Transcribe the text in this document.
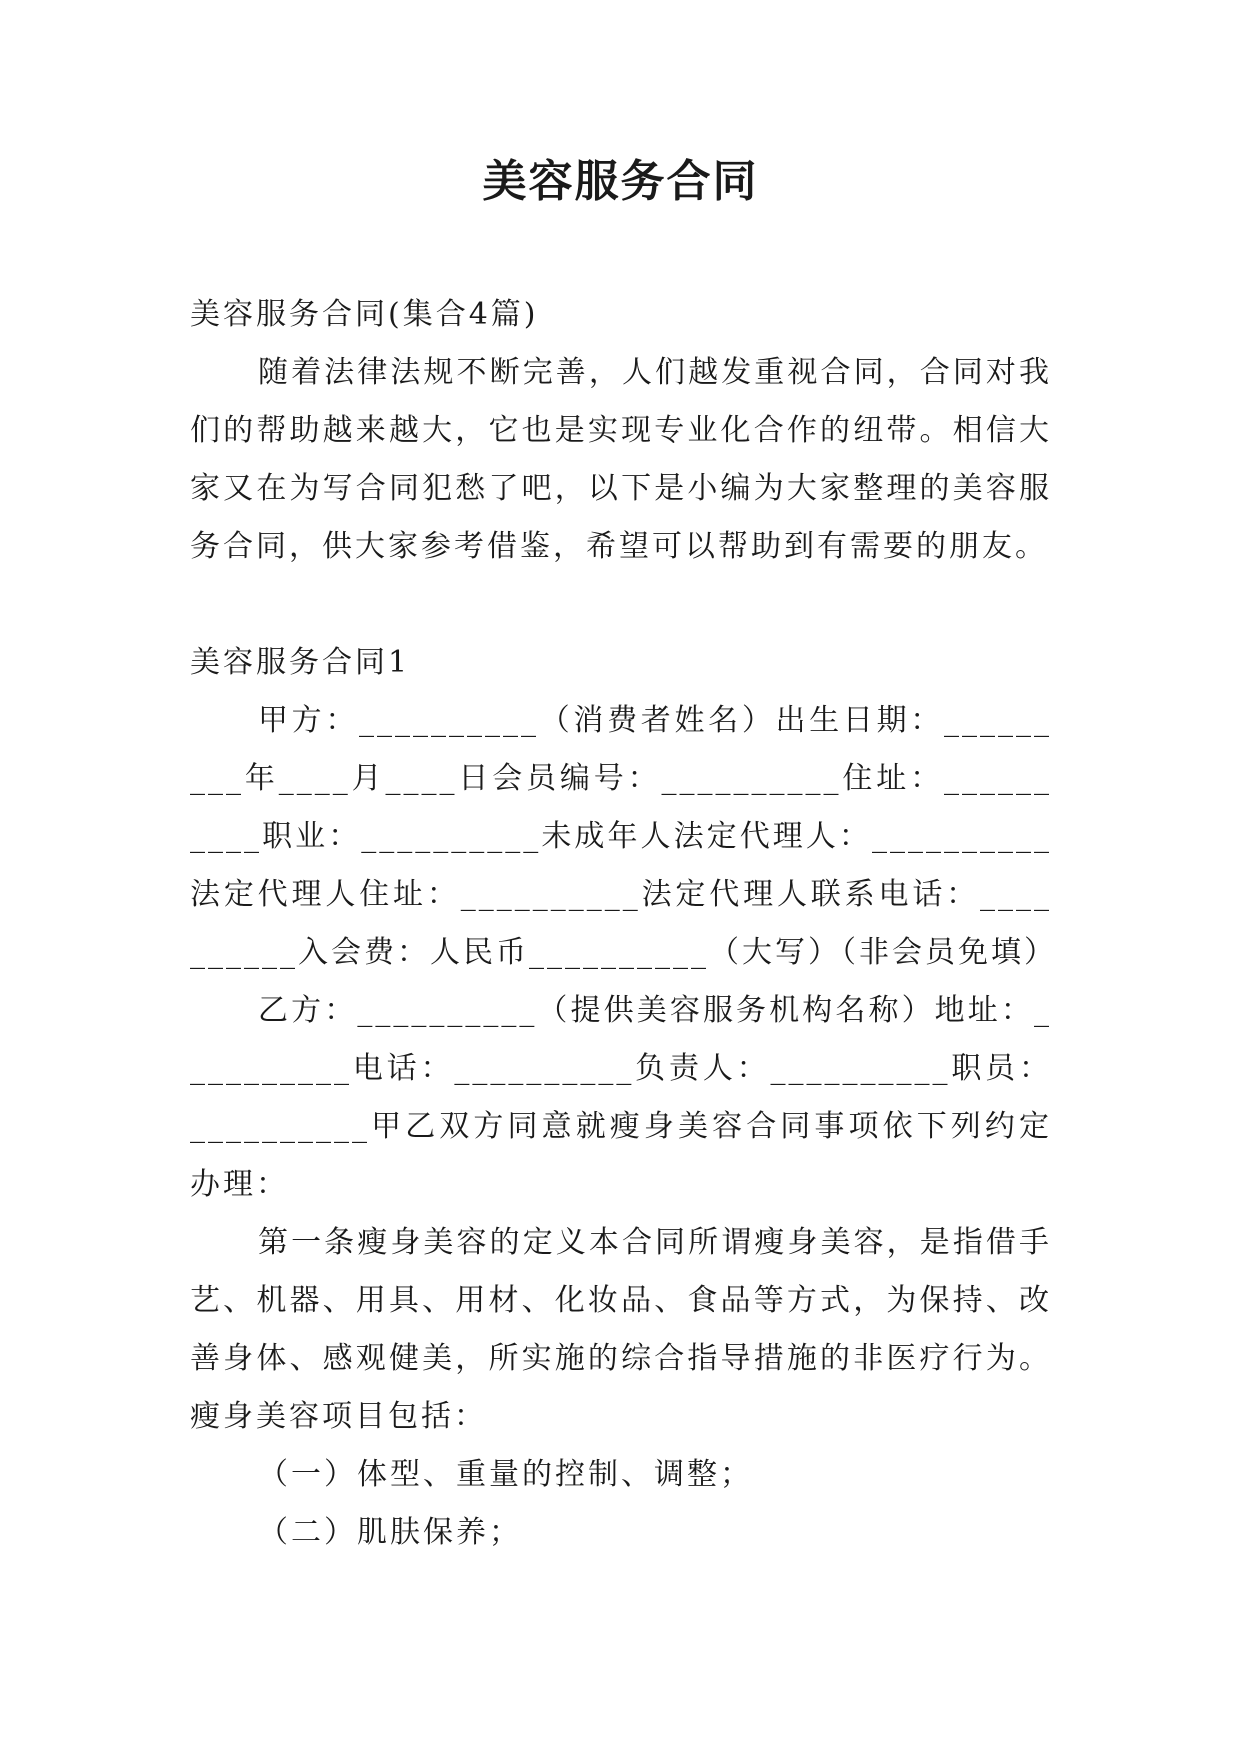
美容服务合同

美容服务合同(集合4篇)

随着法律法规不断完善，人们越发重视合同，合同对我们的帮助越来越大，它也是实现专业化合作的纽带。相信大家又在为写合同犯愁了吧，以下是小编为大家整理的美容服务合同，供大家参考借鉴，希望可以帮助到有需要的朋友。

美容服务合同1

甲方：__________（消费者姓名）出生日期：_________年____月____日会员编号：__________住址：__________职业：__________未成年人法定代理人：__________法定代理人住址：__________法定代理人联系电话：__________入会费：人民币__________（大写）（非会员免填）

乙方：__________（提供美容服务机构名称）地址：__________电话：__________负责人：__________职员：__________甲乙双方同意就瘦身美容合同事项依下列约定办理：

第一条瘦身美容的定义本合同所谓瘦身美容，是指借手艺、机器、用具、用材、化妆品、食品等方式，为保持、改善身体、感观健美，所实施的综合指导措施的非医疗行为。瘦身美容项目包括：

（一）体型、重量的控制、调整；

（二）肌肤保养；
